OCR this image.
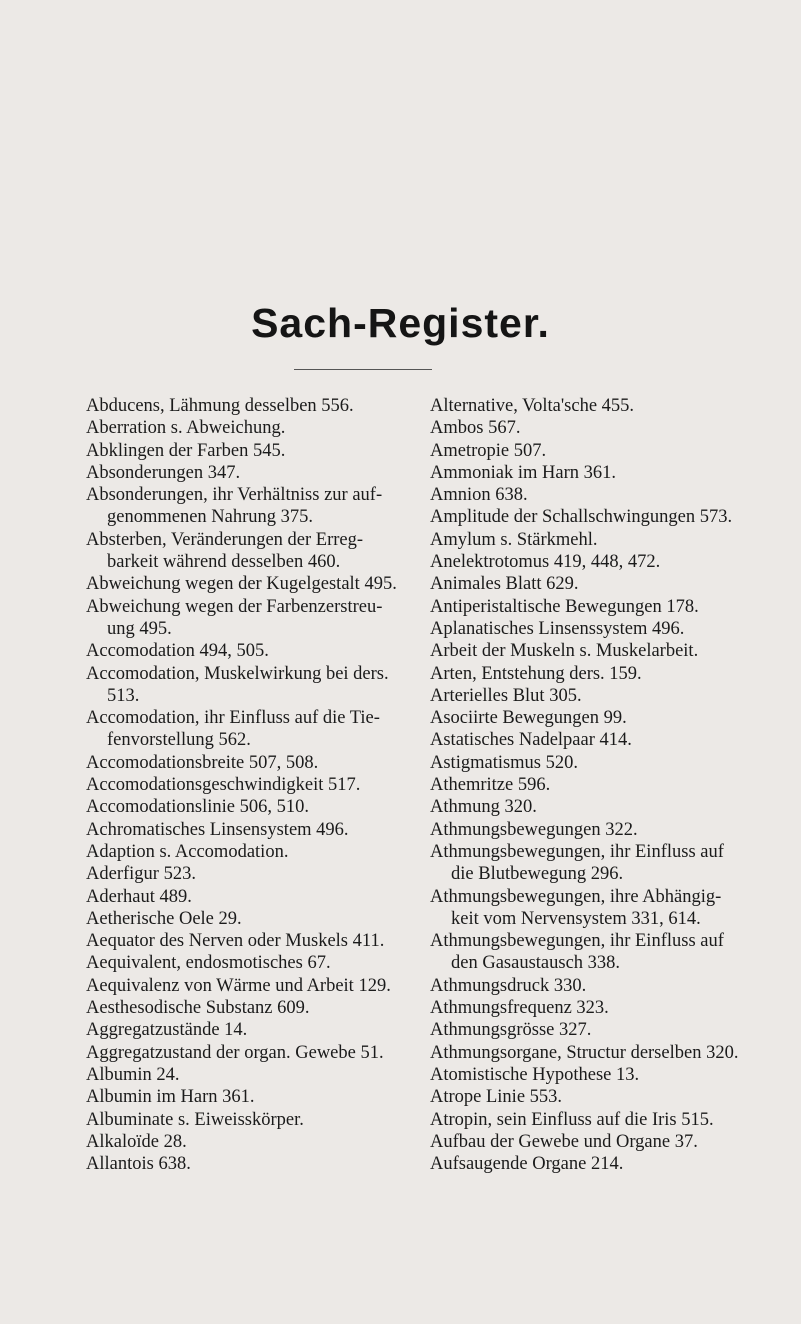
Sach-Register.
Abducens, Lähmung desselben 556.
Aberration s. Abweichung.
Abklingen der Farben 545.
Absonderungen 347.
Absonderungen, ihr Verhältniss zur auf-
genommenen Nahrung 375.
Absterben, Veränderungen der Erreg-
barkeit während desselben 460.
Abweichung wegen der Kugelgestalt 495.
Abweichung wegen der Farbenzerstreu-
ung 495.
Accomodation 494, 505.
Accomodation, Muskelwirkung bei ders.
513.
Accomodation, ihr Einfluss auf die Tie-
fenvorstellung 562.
Accomodationsbreite 507, 508.
Accomodationsgeschwindigkeit 517.
Accomodationslinie 506, 510.
Achromatisches Linsensystem 496.
Adaption s. Accomodation.
Aderfigur 523.
Aderhaut 489.
Aetherische Oele 29.
Aequator des Nerven oder Muskels 411.
Aequivalent, endosmotisches 67.
Aequivalenz von Wärme und Arbeit 129.
Aesthesodische Substanz 609.
Aggregatzustände 14.
Aggregatzustand der organ. Gewebe 51.
Albumin 24.
Albumin im Harn 361.
Albuminate s. Eiweisskörper.
Alkaloïde 28.
Allantois 638.
Alternative, Volta'sche 455.
Ambos 567.
Ametropie 507.
Ammoniak im Harn 361.
Amnion 638.
Amplitude der Schallschwingungen 573.
Amylum s. Stärkmehl.
Anelektrotomus 419, 448, 472.
Animales Blatt 629.
Antiperistaltische Bewegungen 178.
Aplanatisches Linsenssystem 496.
Arbeit der Muskeln s. Muskelarbeit.
Arten, Entstehung ders. 159.
Arterielles Blut 305.
Asociirte Bewegungen 99.
Astatisches Nadelpaar 414.
Astigmatismus 520.
Athemritze 596.
Athmung 320.
Athmungsbewegungen 322.
Athmungsbewegungen, ihr Einfluss auf
die Blutbewegung 296.
Athmungsbewegungen, ihre Abhängig-
keit vom Nervensystem 331, 614.
Athmungsbewegungen, ihr Einfluss auf
den Gasaustausch 338.
Athmungsdruck 330.
Athmungsfrequenz 323.
Athmungsgrösse 327.
Athmungsorgane, Structur derselben 320.
Atomistische Hypothese 13.
Atrope Linie 553.
Atropin, sein Einfluss auf die Iris 515.
Aufbau der Gewebe und Organe 37.
Aufsaugende Organe 214.
